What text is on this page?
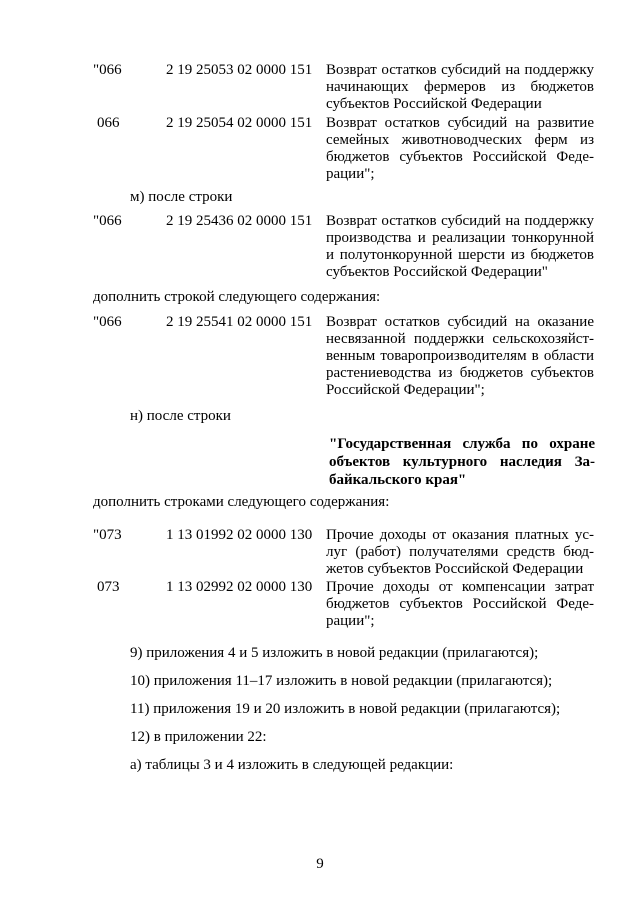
"066	2 19 25053 02 0000 151 Возврат остатков субсидий на поддержку
начинающих фермеров из бюджетов
субъектов Российской Федерации
066	2 19 25054 02 0000 151 Возврат остатков субсидий на развитие
семейных животноводческих ферм из
бюджетов субъектов Российской Феде-
рации";
м) после строки
"066	2 19 25436 02 0000 151 Возврат остатков субсидий на поддержку
производства и реализации тонкорунной
и полутонкорунной шерсти из бюджетов
субъектов Российской Федерации"
дополнить строкой следующего содержания:
"066	2 19 25541 02 0000 151 Возврат остатков субсидий на оказание
несвязанной поддержки сельскохозяйст-
венным товаропроизводителям в области
растениеводства из бюджетов субъектов
Российской Федерации";
н) после строки
"Государственная служба по охране
объектов культурного наследия За-
байкальского края"
дополнить строками следующего содержания:
"073	1 13 01992 02 0000 130 Прочие доходы от оказания платных ус-
луг (работ) получателями средств бюд-
жетов субъектов Российской Федерации
073	1 13 02992 02 0000 130 Прочие доходы от компенсации затрат
бюджетов субъектов Российской Феде-
рации";
9) приложения 4 и 5 изложить в новой редакции (прилагаются);
10) приложения 11–17 изложить в новой редакции (прилагаются);
11) приложения 19 и 20 изложить в новой редакции (прилагаются);
12) в приложении 22:
а) таблицы 3 и 4 изложить в следующей редакции:
9
